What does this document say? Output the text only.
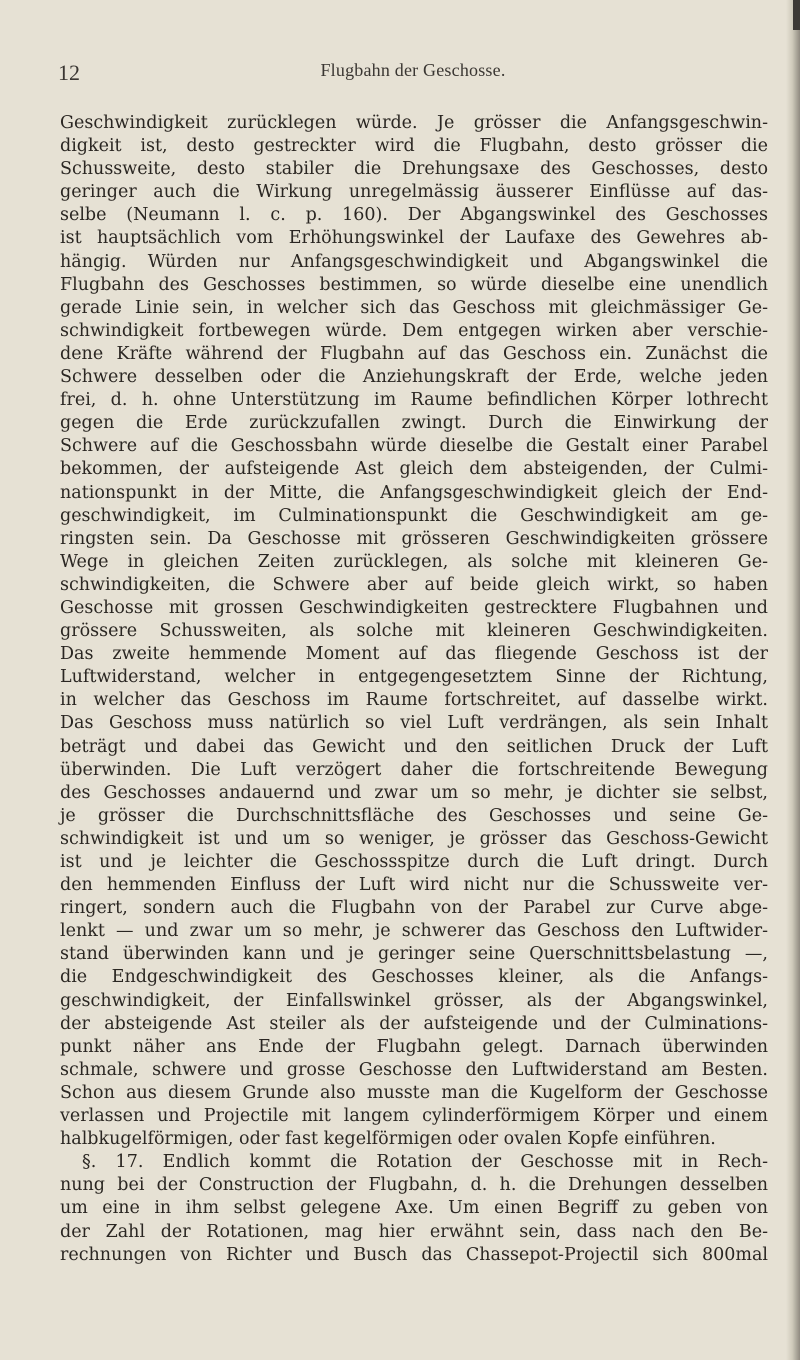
12	Flugbahn der Geschosse.
Geschwindigkeit zurücklegen würde. Je grösser die Anfangsgeschwin-
digkeit ist, desto gestreckter wird die Flugbahn, desto grösser die
Schussweite, desto stabiler die Drehungsaxe des Geschosses, desto
geringer auch die Wirkung unregelmässig äusserer Einflüsse auf das-
selbe (Neumann l. c. p. 160). Der Abgangswinkel des Geschosses
ist hauptsächlich vom Erhöhungswinkel der Laufaxe des Gewehres ab-
hängig. Würden nur Anfangsgeschwindigkeit und Abgangswinkel die
Flugbahn des Geschosses bestimmen, so würde dieselbe eine unendlich
gerade Linie sein, in welcher sich das Geschoss mit gleichmässiger Ge-
schwindigkeit fortbewegen würde. Dem entgegen wirken aber verschie-
dene Kräfte während der Flugbahn auf das Geschoss ein. Zunächst die
Schwere desselben oder die Anziehungskraft der Erde, welche jeden
frei, d. h. ohne Unterstützung im Raume befindlichen Körper lothrecht
gegen die Erde zurückzufallen zwingt. Durch die Einwirkung der
Schwere auf die Geschossbahn würde dieselbe die Gestalt einer Parabel
bekommen, der aufsteigende Ast gleich dem absteigenden, der Culmi-
nationspunkt in der Mitte, die Anfangsgeschwindigkeit gleich der End-
geschwindigkeit, im Culminationspunkt die Geschwindigkeit am ge-
ringsten sein. Da Geschosse mit grösseren Geschwindigkeiten grössere
Wege in gleichen Zeiten zurücklegen, als solche mit kleineren Ge-
schwindigkeiten, die Schwere aber auf beide gleich wirkt, so haben
Geschosse mit grossen Geschwindigkeiten gestrecktere Flugbahnen und
grössere Schussweiten, als solche mit kleineren Geschwindigkeiten.
Das zweite hemmende Moment auf das fliegende Geschoss ist der
Luftwiderstand, welcher in entgegengesetztem Sinne der Richtung,
in welcher das Geschoss im Raume fortschreitet, auf dasselbe wirkt.
Das Geschoss muss natürlich so viel Luft verdrängen, als sein Inhalt
beträgt und dabei das Gewicht und den seitlichen Druck der Luft
überwinden. Die Luft verzögert daher die fortschreitende Bewegung
des Geschosses andauernd und zwar um so mehr, je dichter sie selbst,
je grösser die Durchschnittsfläche des Geschosses und seine Ge-
schwindigkeit ist und um so weniger, je grösser das Geschoss-Gewicht
ist und je leichter die Geschossspitze durch die Luft dringt. Durch
den hemmenden Einfluss der Luft wird nicht nur die Schussweite ver-
ringert, sondern auch die Flugbahn von der Parabel zur Curve abge-
lenkt — und zwar um so mehr, je schwerer das Geschoss den Luftwider-
stand überwinden kann und je geringer seine Querschnittsbelastung —,
die Endgeschwindigkeit des Geschosses kleiner, als die Anfangs-
geschwindigkeit, der Einfallswinkel grösser, als der Abgangswinkel,
der absteigende Ast steiler als der aufsteigende und der Culminations-
punkt näher ans Ende der Flugbahn gelegt. Darnach überwinden
schmale, schwere und grosse Geschosse den Luftwiderstand am Besten.
Schon aus diesem Grunde also musste man die Kugelform der Geschosse
verlassen und Projectile mit langem cylinderförmigem Körper und einem
halbkugelförmigen, oder fast kegelförmigen oder ovalen Kopfe einführen.
§. 17. Endlich kommt die Rotation der Geschosse mit in Rech-
nung bei der Construction der Flugbahn, d. h. die Drehungen desselben
um eine in ihm selbst gelegene Axe. Um einen Begriff zu geben von
der Zahl der Rotationen, mag hier erwähnt sein, dass nach den Be-
rechnungen von Richter und Busch das Chassepot-Projectil sich 800mal
